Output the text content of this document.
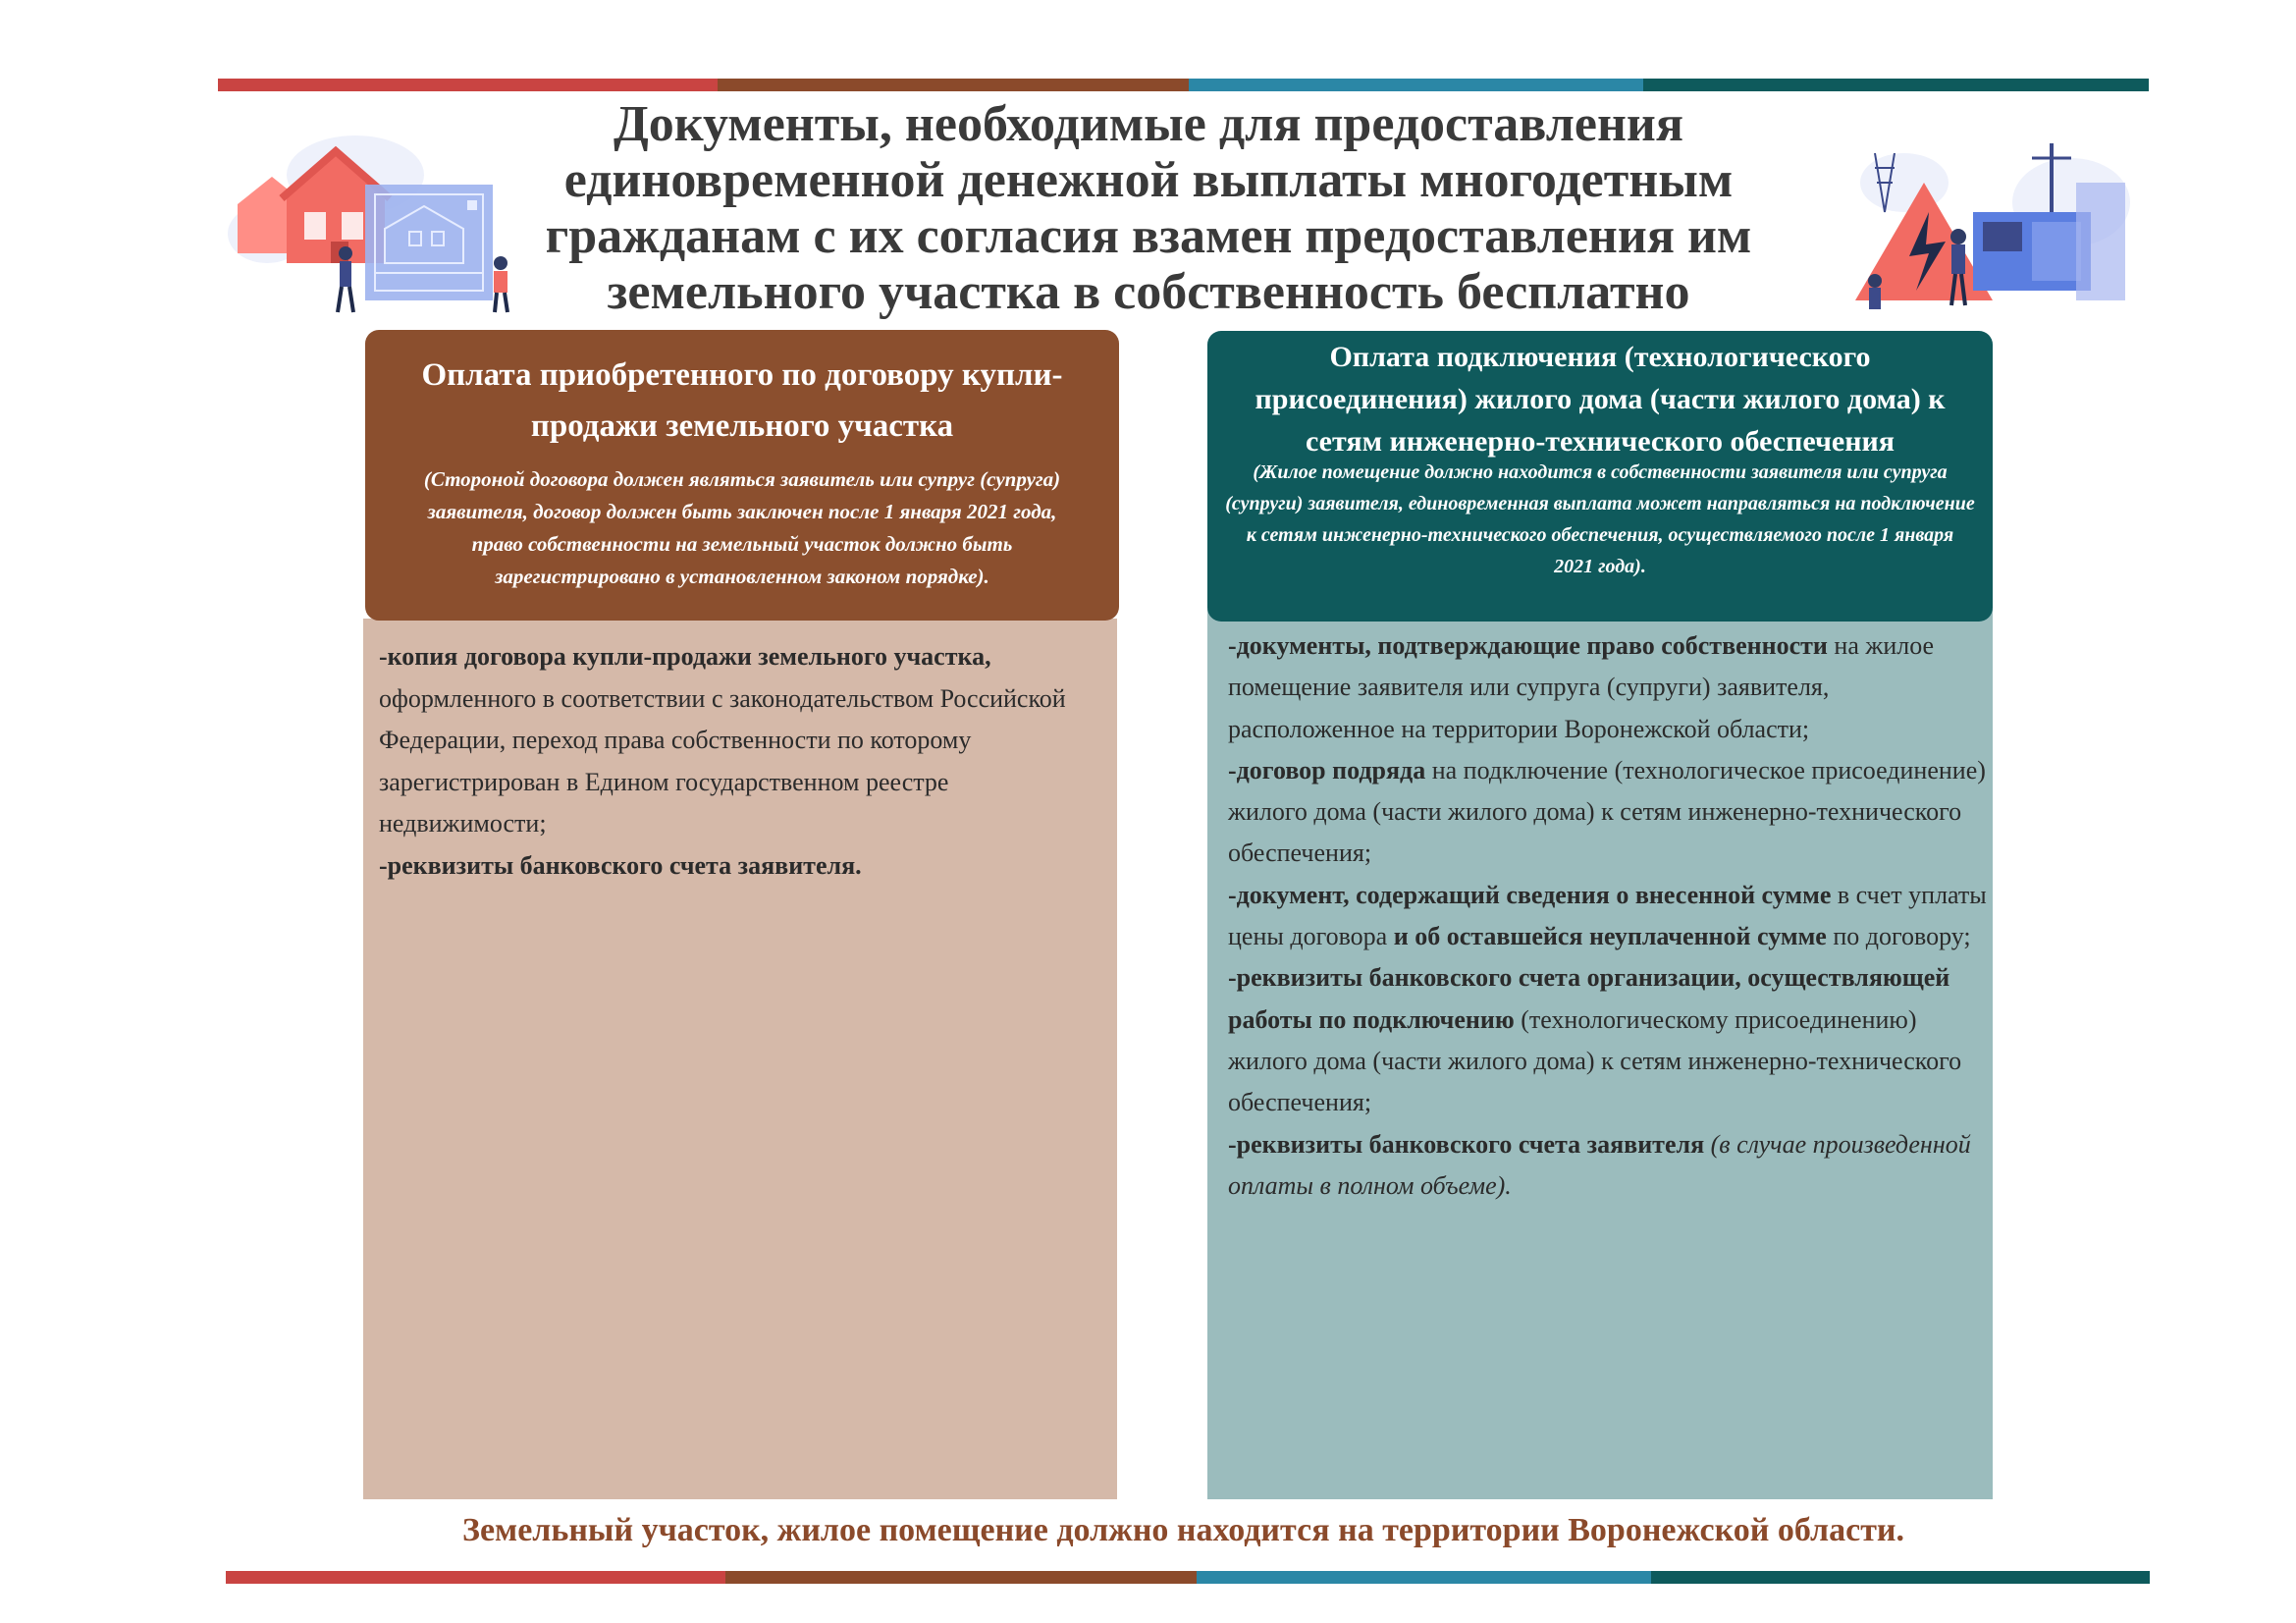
Документы, необходимые для предоставления единовременной денежной выплаты многодетным гражданам с их согласия взамен предоставления им земельного участка в собственность бесплатно
Оплата приобретенного по договору купли-продажи земельного участка
(Стороной договора должен являться заявитель или супруг (супруга) заявителя, договор должен быть заключен после 1 января 2021 года, право собственности на земельный участок должно быть зарегистрировано в установленном законом порядке).

-копия договора купли-продажи земельного участка, оформленного в соответствии с законодательством Российской Федерации, переход права собственности по которому зарегистрирован в Едином государственном реестре недвижимости;

-реквизиты банковского счета заявителя.

Оплата подключения (технологического присоединения) жилого дома (части жилого дома) к сетям инженерно-технического обеспечения
(Жилое помещение должно находится в собственности заявителя или супруга (супруги) заявителя, единовременная выплата может направляться на подключение к сетям инженерно-технического обеспечения, осуществляемого после 1 января 2021 года).

-документы, подтверждающие право собственности на жилое помещение заявителя или супруга (супруги) заявителя, расположенное на территории Воронежской области;

-договор подряда на подключение (технологическое присоединение) жилого дома (части жилого дома) к сетям инженерно-технического обеспечения;

-документ, содержащий сведения о внесенной сумме в счет уплаты цены договора и об оставшейся неуплаченной сумме по договору;

-реквизиты банковского счета организации, осуществляющей работы по подключению (технологическому присоединению) жилого дома (части жилого дома) к сетям инженерно-технического обеспечения;

-реквизиты банковского счета заявителя (в случае произведенной оплаты в полном объеме).

Земельный участок, жилое помещение должно находится на территории Воронежской области.
